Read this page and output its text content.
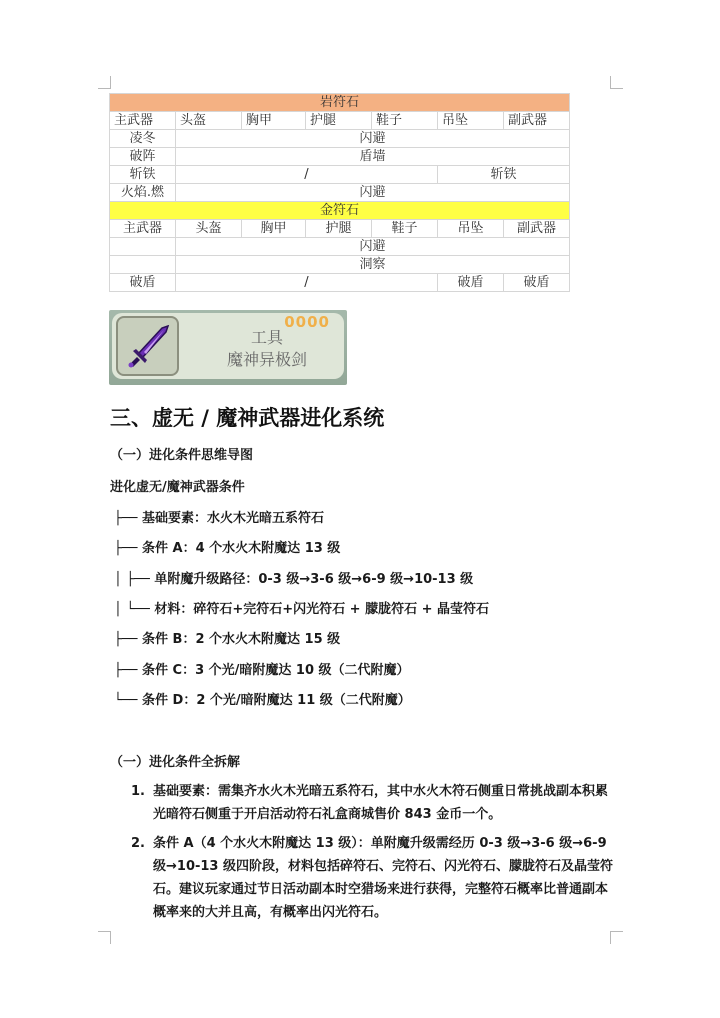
岩符石						
主武器	头盔	胸甲	护腿	鞋子	吊坠	副武器
凌冬	闪避					
破阵	盾墙					
斩铁	/				斩铁	
火焰.燃	闪避					
金符石						
主武器	头盔	胸甲	护腿	鞋子	吊坠	副武器
	闪避					
	洞察					
破盾	/				破盾	破盾
0000
工具
魔神异极剑
三、虚无 / 魔神武器进化系统
（一）进化条件思维导图
进化虚无/魔神武器条件
├── 基础要素：水火木光暗五系符石
├── 条件 A：4 个水火木附魔达 13 级
│ ├── 单附魔升级路径：0-3 级→3-6 级→6-9 级→10-13 级
│ └── 材料：碎符石+完符石+闪光符石 + 朦胧符石 + 晶莹符石
├── 条件 B：2 个水火木附魔达 15 级
├── 条件 C：3 个光/暗附魔达 10 级（二代附魔）
└── 条件 D：2 个光/暗附魔达 11 级（二代附魔）
（一）进化条件全拆解
1. 基础要素：需集齐水火木光暗五系符石，其中水火木符石侧重日常挑战副本积累 光暗符石侧重于开启活动符石礼盒商城售价 843 金币一个。
2. 条件 A（4 个水火木附魔达 13 级）：单附魔升级需经历 0-3 级→3-6 级→6-9 级→10-13 级四阶段，材料包括碎符石、完符石、闪光符石、朦胧符石及晶莹符石。建议玩家通过节日活动副本时空猎场来进行获得，完整符石概率比普通副本概率来的大并且高，有概率出闪光符石。
